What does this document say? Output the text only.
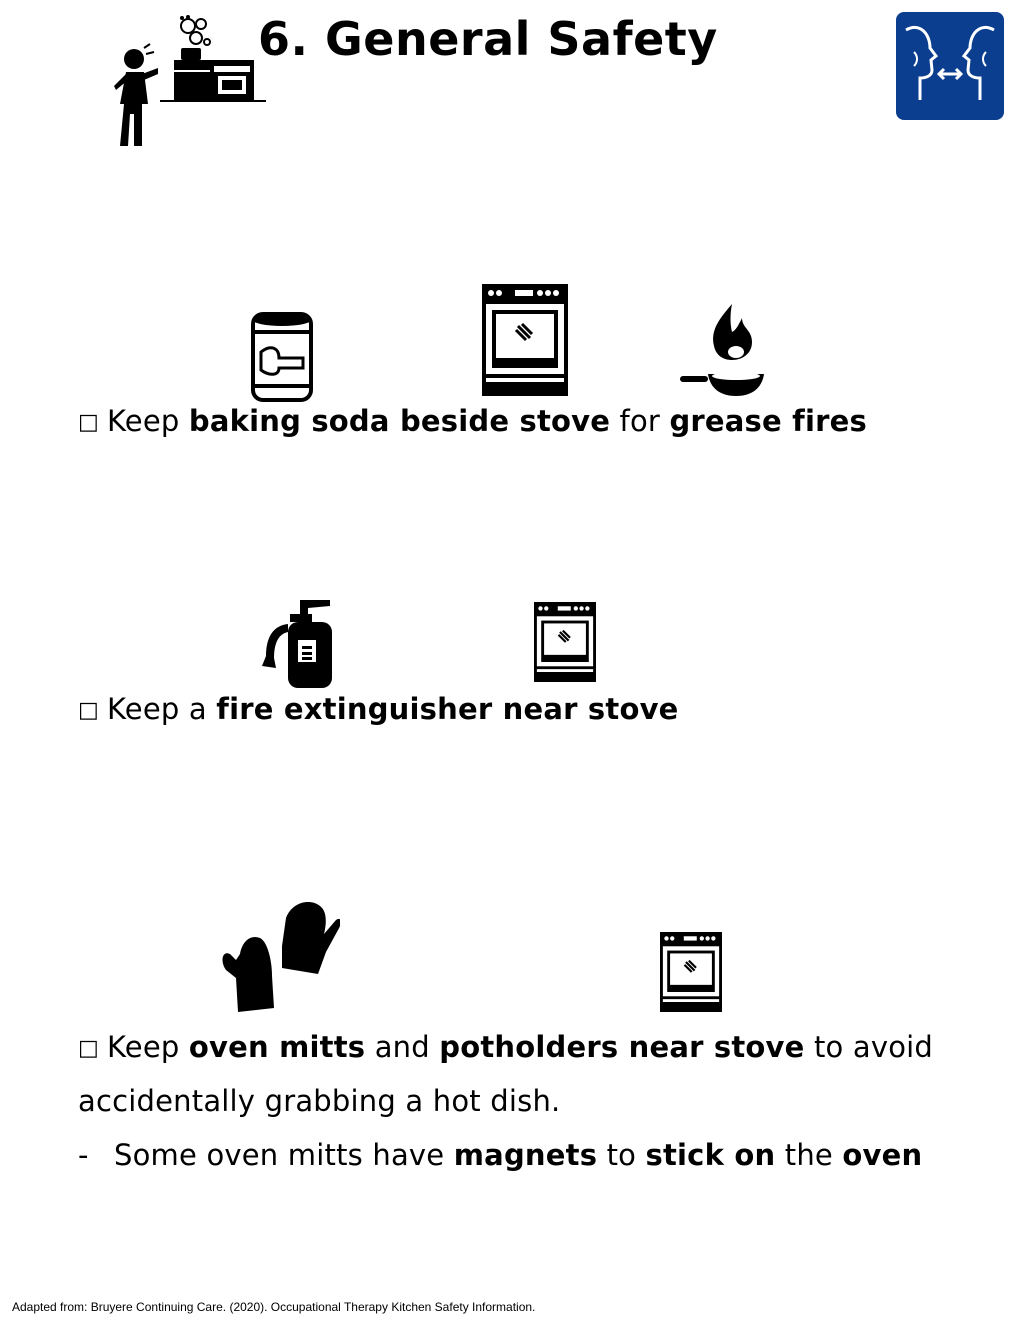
6. General Safety
□ Keep baking soda beside stove for grease fires
□ Keep a fire extinguisher near stove
□ Keep oven mitts and potholders near stove to avoid
accidentally grabbing a hot dish.
- Some oven mitts have magnets to stick on the oven
Adapted from: Bruyere Continuing Care. (2020). Occupational Therapy Kitchen Safety Information.
